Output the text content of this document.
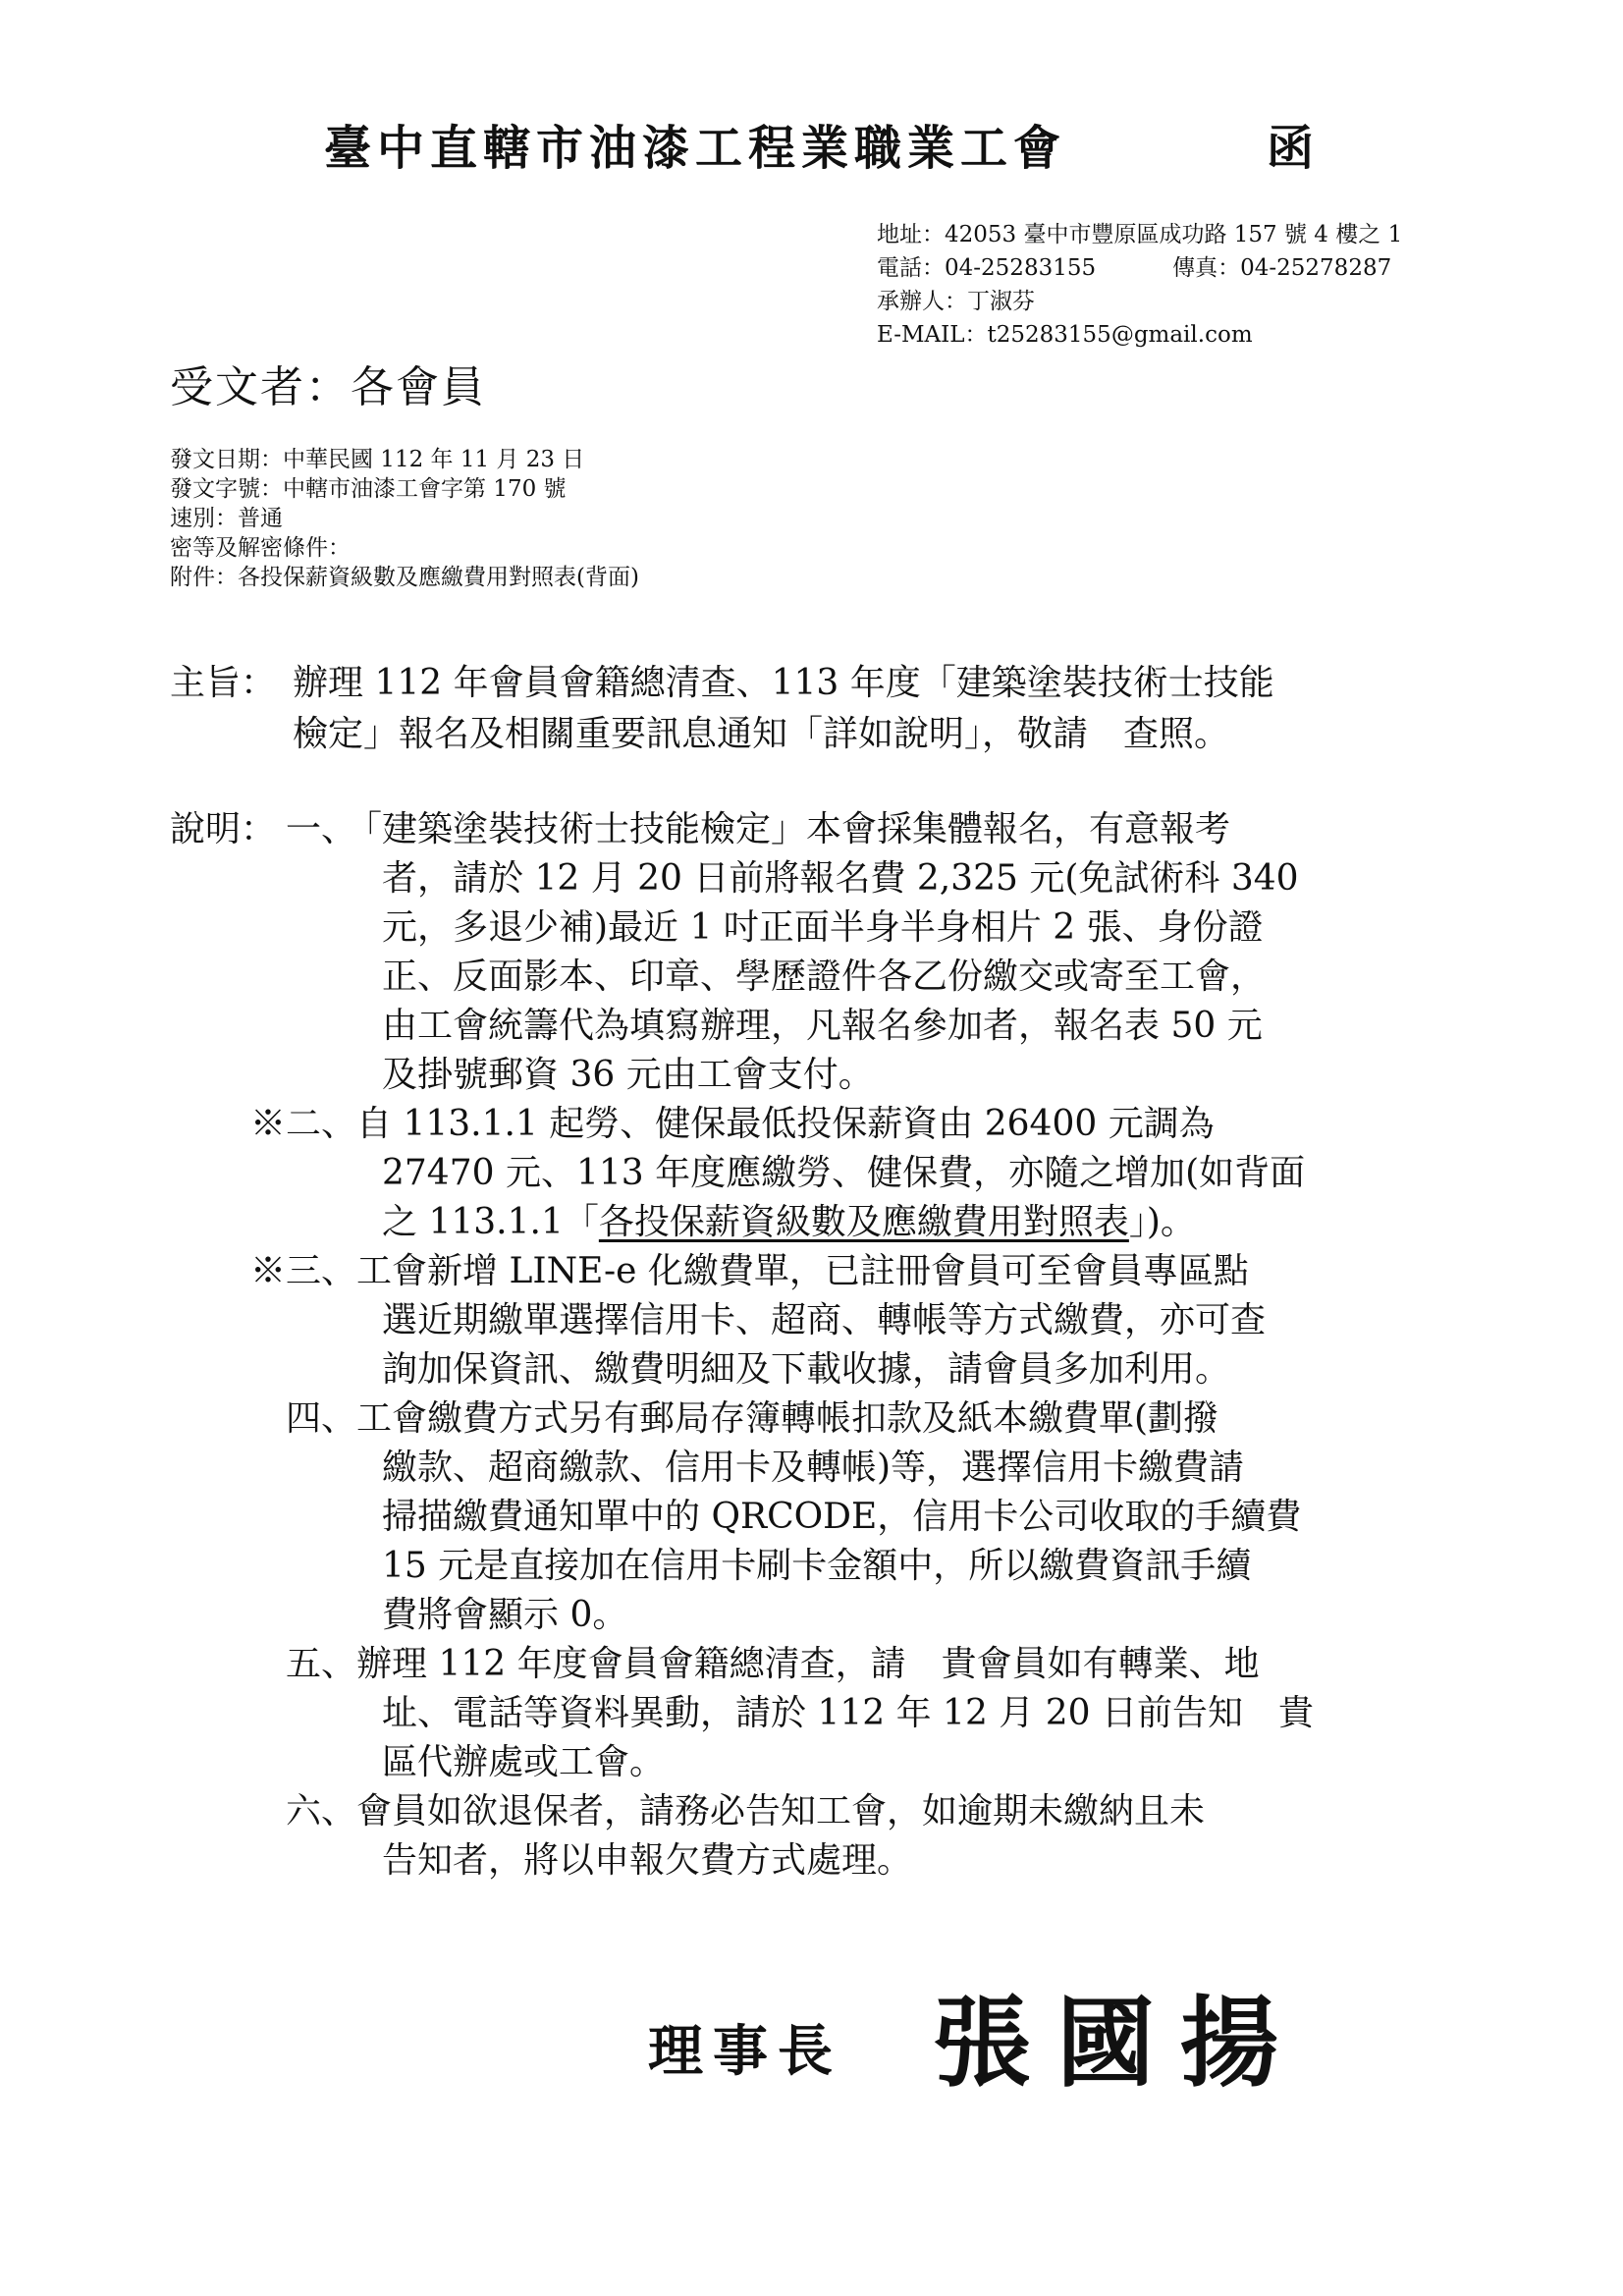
臺中直轄市油漆工程業職業工會	函
地址：42053 臺中市豐原區成功路 157 號 4 樓之 1
電話：04-25283155	傳真：04-25278287
承辦人：丁淑芬
E-MAIL：t25283155@gmail.com
受文者：各會員
發文日期：中華民國 112 年 11 月 23 日
發文字號：中轄市油漆工會字第 170 號
速別：普通
密等及解密條件：
附件：各投保薪資級數及應繳費用對照表(背面)
主旨： 辦理 112 年會員會籍總清查、113 年度「建築塗裝技術士技能
檢定」報名及相關重要訊息通知「詳如說明」，敬請　查照。
說明： 一、
「建築塗裝技術士技能檢定」本會採集體報名，有意報考
者，請於 12 月 20 日前將報名費 2,325 元(免試術科 340
元，多退少補)最近 1 吋正面半身半身相片 2 張、身份證
正、反面影本、印章、學歷證件各乙份繳交或寄至工會，
由工會統籌代為填寫辦理，凡報名參加者，報名表 50 元
及掛號郵資 36 元由工會支付。
※二、 自 113.1.1 起勞、健保最低投保薪資由 26400 元調為
27470 元、113 年度應繳勞、健保費，亦隨之增加(如背面
之 113.1.1「各投保薪資級數及應繳費用對照表」)。
※三、 工會新增 LINE-e 化繳費單，已註冊會員可至會員專區點
選近期繳單選擇信用卡、超商、轉帳等方式繳費，亦可查
詢加保資訊、繳費明細及下載收據，請會員多加利用。
四、 工會繳費方式另有郵局存簿轉帳扣款及紙本繳費單(劃撥
繳款、超商繳款、信用卡及轉帳)等，選擇信用卡繳費請
掃描繳費通知單中的 QRCODE，信用卡公司收取的手續費
15 元是直接加在信用卡刷卡金額中，所以繳費資訊手續
費將會顯示 0。
五、 辦理 112 年度會員會籍總清查，請　貴會員如有轉業、地
址、電話等資料異動，請於 112 年 12 月 20 日前告知　貴
區代辦處或工會。
六、 會員如欲退保者，請務必告知工會，如逾期未繳納且未
告知者，將以申報欠費方式處理。
理事長 張國揚
